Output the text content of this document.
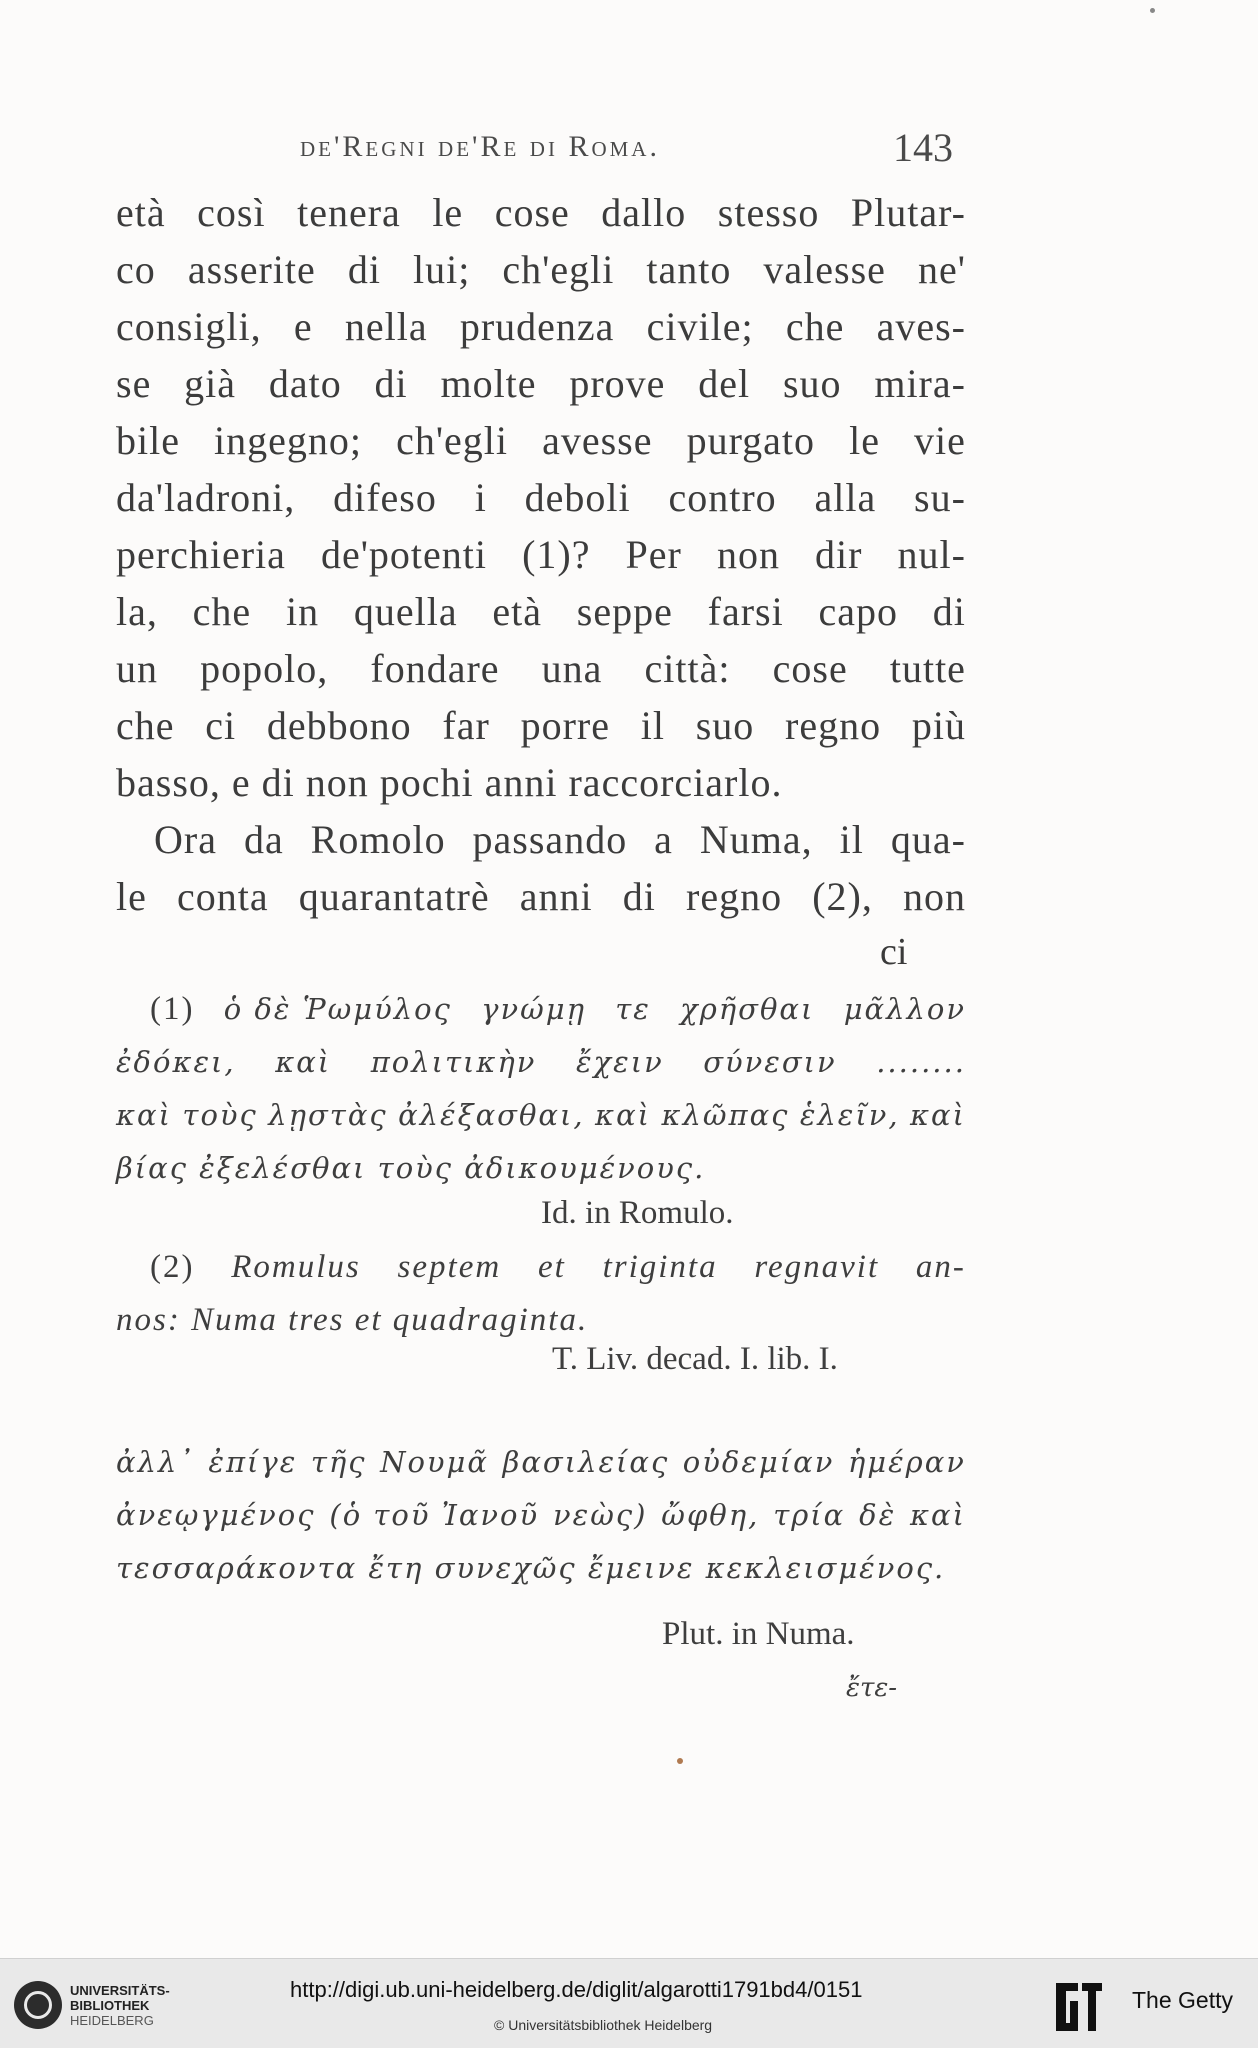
de'Regni de'Re di Roma.	143
età così tenera le cose dallo stesso Plutar-
co asserite di lui; ch'egli tanto valesse ne'
consigli, e nella prudenza civile; che aves-
se già dato di molte prove del suo mira-
bile ingegno; ch'egli avesse purgato le vie
da'ladroni, difeso i deboli contro alla su-
perchieria de'potenti (1)? Per non dir nul-
la, che in quella età seppe farsi capo di
un popolo, fondare una città: cose tutte
che ci debbono far porre il suo regno più
basso, e di non pochi anni raccorciarlo.
Ora da Romolo passando a Numa, il qua-
le conta quarantatrè anni di regno (2), non
ci
(1) ὁ δὲ Ῥωμύλος γνώμῃ τε χρῆσθαι μᾶλλον
ἐδόκει, καὶ πολιτικὴν ἔχειν σύνεσιν ........
καὶ τοὺς λῃστὰς ἀλέξασθαι, καὶ κλῶπας ἑλεῖν, καὶ
βίας ἐξελέσθαι τοὺς ἀδικουμένους.
Id. in Romulo.
(2) Romulus septem et triginta regnavit an-
nos: Numa tres et quadraginta.
T. Liv. decad. I. lib. I.
ἀλλ᾽ ἐπίγε τῆς Νουμᾶ βασιλείας οὐδεμίαν ἡμέραν
ἀνεῳγμένος (ὁ τοῦ Ἰανοῦ νεὼς) ὤφθη, τρία δὲ καὶ
τεσσαράκοντα ἔτη συνεχῶς ἔμεινε κεκλεισμένος.
Plut. in Numa.
ἔτε-
UNIVERSITÄTS-
BIBLIOTHEK
HEIDELBERG
http://digi.ub.uni-heidelberg.de/diglit/algarotti1791bd4/0151
© Universitätsbibliothek Heidelberg
The Getty
